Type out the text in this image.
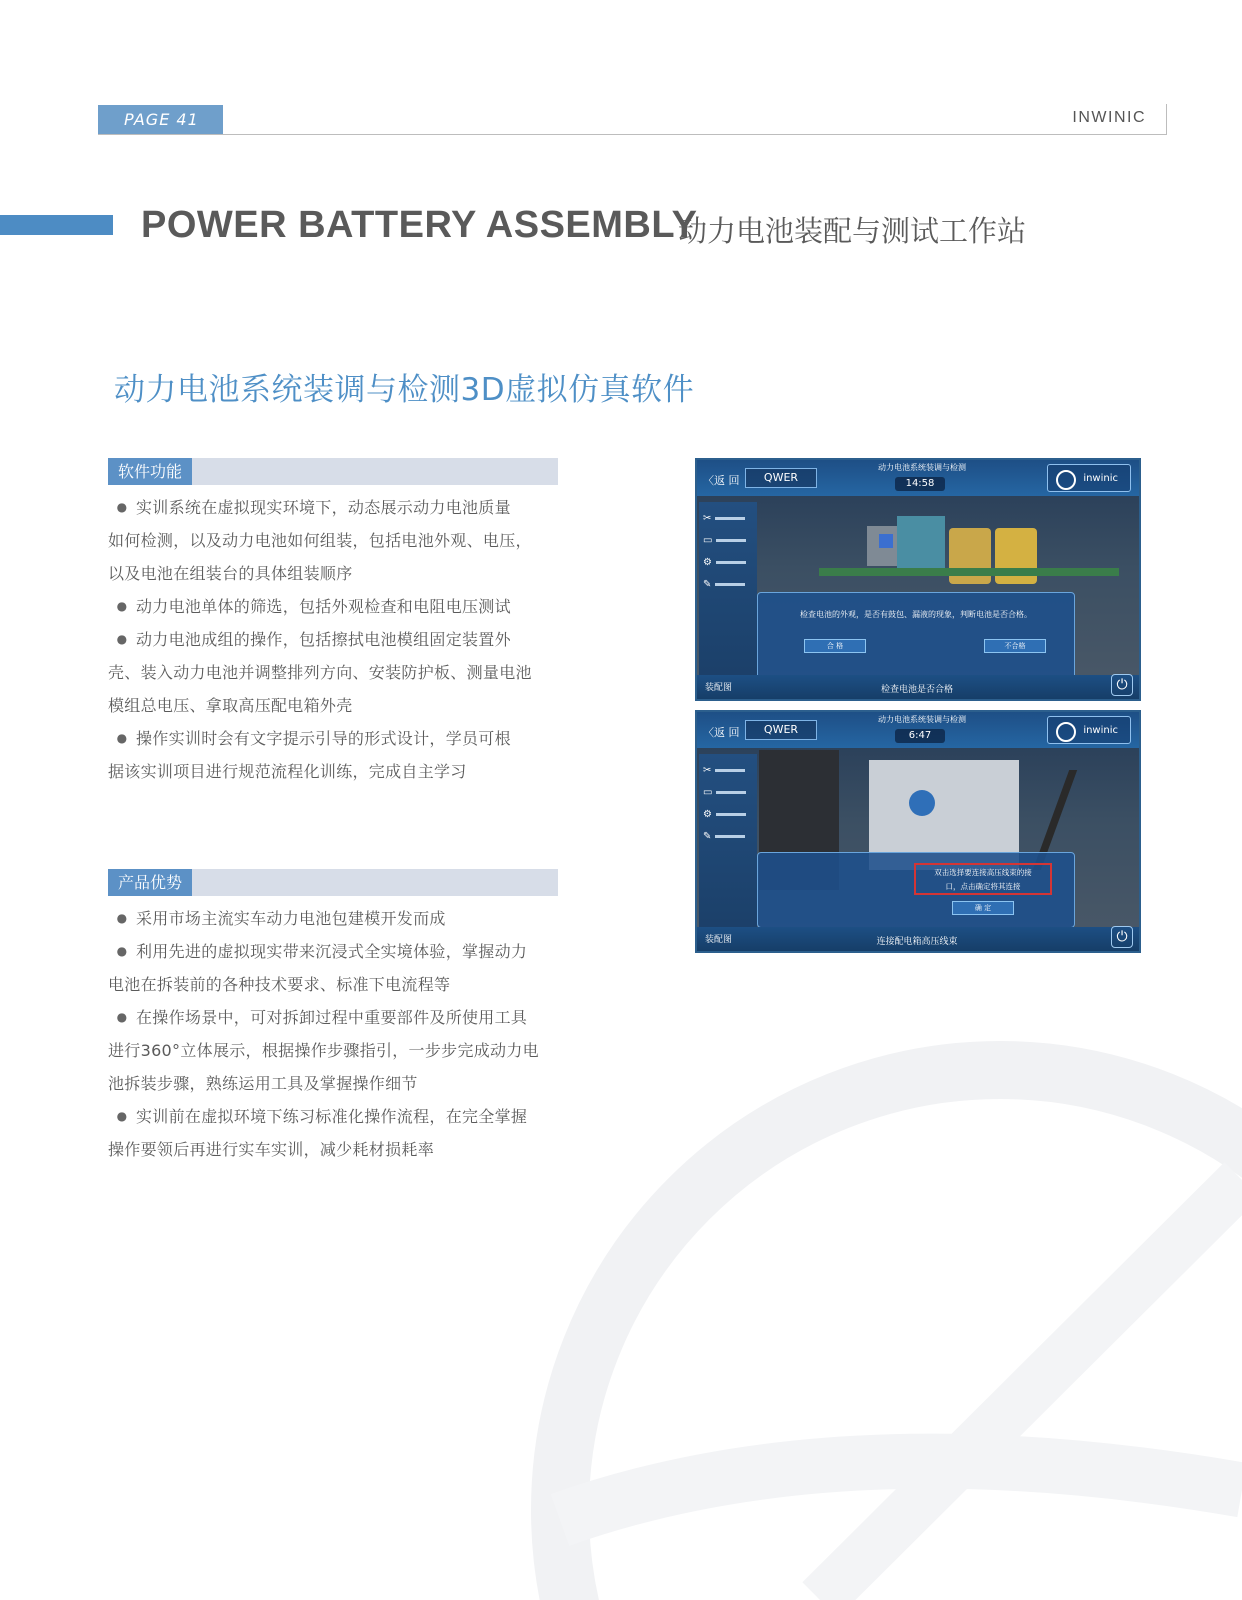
PAGE 41	INWINIC
POWER BATTERY ASSEMBLY
动力电池装配与测试工作站
动力电池系统装调与检测3D虚拟仿真软件
软件功能
● 实训系统在虚拟现实环境下，动态展示动力电池质量
如何检测，以及动力电池如何组装，包括电池外观、电压，
以及电池在组装台的具体组装顺序
● 动力电池单体的筛选，包括外观检查和电阻电压测试
● 动力电池成组的操作，包括擦拭电池模组固定装置外
壳、装入动力电池并调整排列方向、安装防护板、测量电池
模组总电压、拿取高压配电箱外壳
● 操作实训时会有文字提示引导的形式设计，学员可根
据该实训项目进行规范流程化训练，完成自主学习
产品优势
● 采用市场主流实车动力电池包建模开发而成
● 利用先进的虚拟现实带来沉浸式全实境体验，掌握动力
电池在拆装前的各种技术要求、标准下电流程等
● 在操作场景中，可对拆卸过程中重要部件及所使用工具
进行360°立体展示，根据操作步骤指引，一步步完成动力电
池拆装步骤，熟练运用工具及掌握操作细节
● 实训前在虚拟环境下练习标准化操作流程，在完全掌握
操作要领后再进行实车实训，减少耗材损耗率
〈返 回	QWER
动力电池系统装调与检测
14:58	inwinic
✂
▭
⚙
✎
检查电池的外观，是否有鼓包、漏液的现象，判断电池是否合格。
合 格	不合格
装配图	检查电池是否合格	⏻
〈返 回	QWER
动力电池系统装调与检测
6:47	inwinic
✂
▭
⚙
✎
双击选择要连接高压线束的接
口，点击确定将其连接
确 定
装配图	连接配电箱高压线束	⏻
